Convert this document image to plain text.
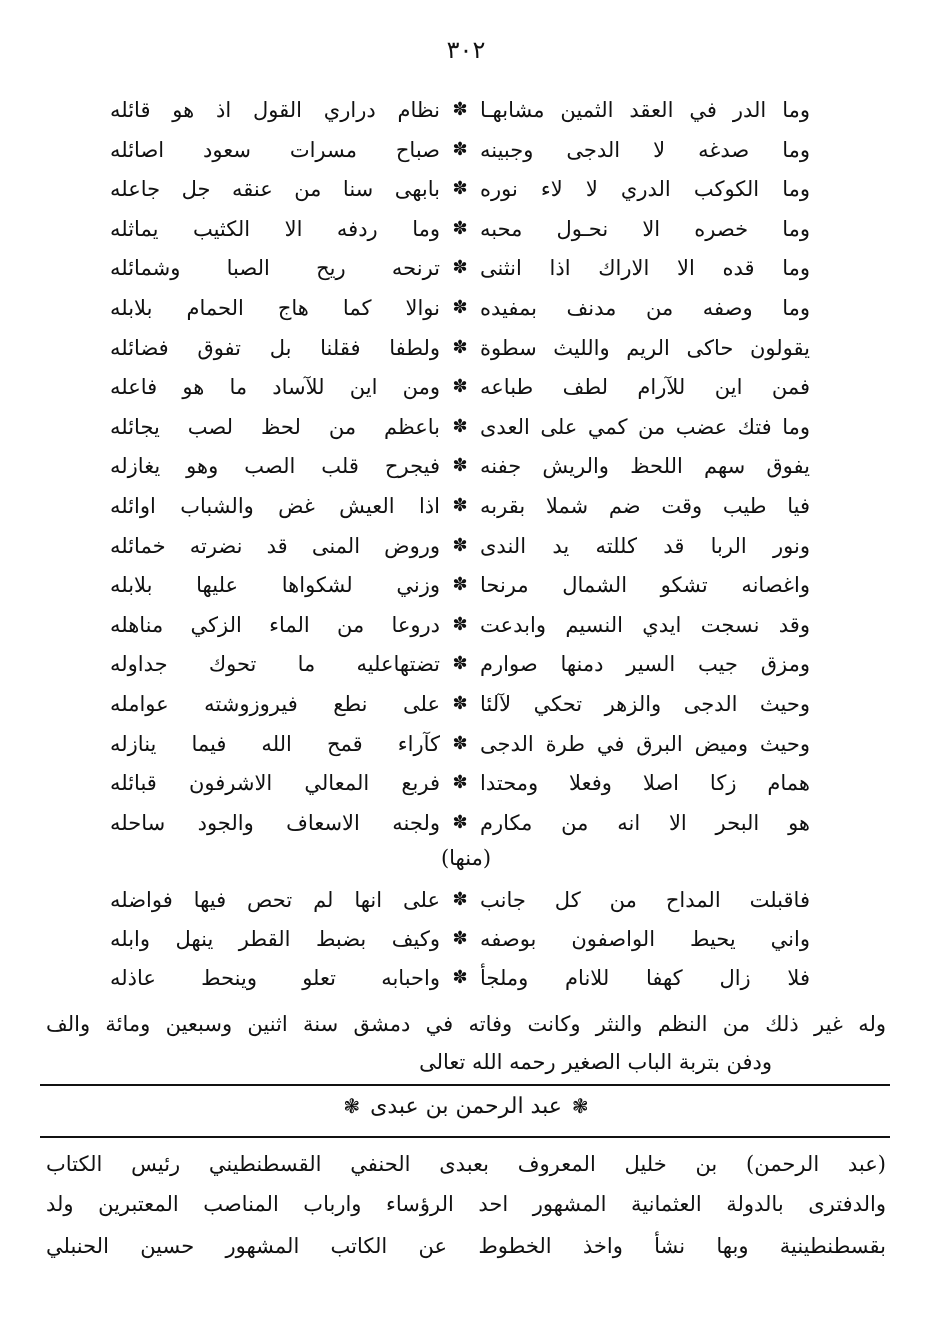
٣٠٢
وما الدر في العقد الثمين مشابهـا
✽
نظام دراري القول اذ هو قائله
وما صدغه لا الدجى وجبينه
✽
صباح مسرات سعود اصائله
وما الكوكب الدري لا لاء نوره
✽
بابهى سنا من عنقه جل جاعله
وما خصره الا نحـول محبه
✽
وما ردفه الا الكثيب يماثله
وما قده الا الاراك اذا انثنى
✽
ترنحه ريح الصبا وشمائله
وما وصفه من مدنف بمفيده
✽
نوالا كما هاج الحمام بلابله
يقولون حاكى الريم والليث سطوة
✽
ولطفا فقلنا بل تفوق فضائله
فمن اين للآرام لطف طباعه
✽
ومن اين للآساد ما هو فاعله
وما فتك عضب من كمي على العدى
✽
باعظم من لحظ لصب يجائله
يفوق سهم اللحظ والريش جفنه
✽
فيجرح قلب الصب وهو يغازله
فيا طيب وقت ضم شملا بقربه
✽
اذا العيش غض والشباب اوائله
ونور الربا قد كللته يد الندى
✽
وروض المنى قد نضرته خمائله
واغصانه تشكو الشمال مرنحا
✽
وزني لشكواها عليها بلابله
وقد نسجت ايدي النسيم وابدعت
✽
دروعا من الماء الزكي مناهله
ومزق جيب السير دمنها صوارم
✽
تضتهاعليه ما تحوك جداوله
وحيث الدجى والزهر تحكي لآلئا
✽
على نطع فيروزوشته عوامله
وحيث وميض البرق في طرة الدجى
✽
كآراء قمح الله فيما ينازله
همام زكا اصلا وفعلا ومحتدا
✽
فربع المعالي الاشرفون قبائله
هو البحر الا انه من مكارم
✽
ولجنه الاسعاف والجود ساحله
(منها)
فاقبلت المداح من كل جانب
✽
على انها لم تحص فيها فواضله
واني يحيط الواصفون بوصفه
✽
وكيف بضبط القطر ينهل وابله
فلا زال كهفا للانام وملجأ
✽
واحبابه تعلو وينحط عاذله
وله غير ذلك من النظم والنثر وكانت وفاته في دمشق سنة اثنين وسبعين ومائة والف
ودفن بتربة الباب الصغير رحمه الله تعالى
❃عبد الرحمن بن عبدى❃
(عبد الرحمن) بن خليل المعروف بعبدى الحنفي القسطنطيني رئيس الكتاب
والدفترى بالدولة العثمانية المشهور احد الرؤساء وارباب المناصب المعتبرين ولد
بقسطنطينية وبها نشأ واخذ الخطوط عن الكاتب المشهور حسين الحنبلي
